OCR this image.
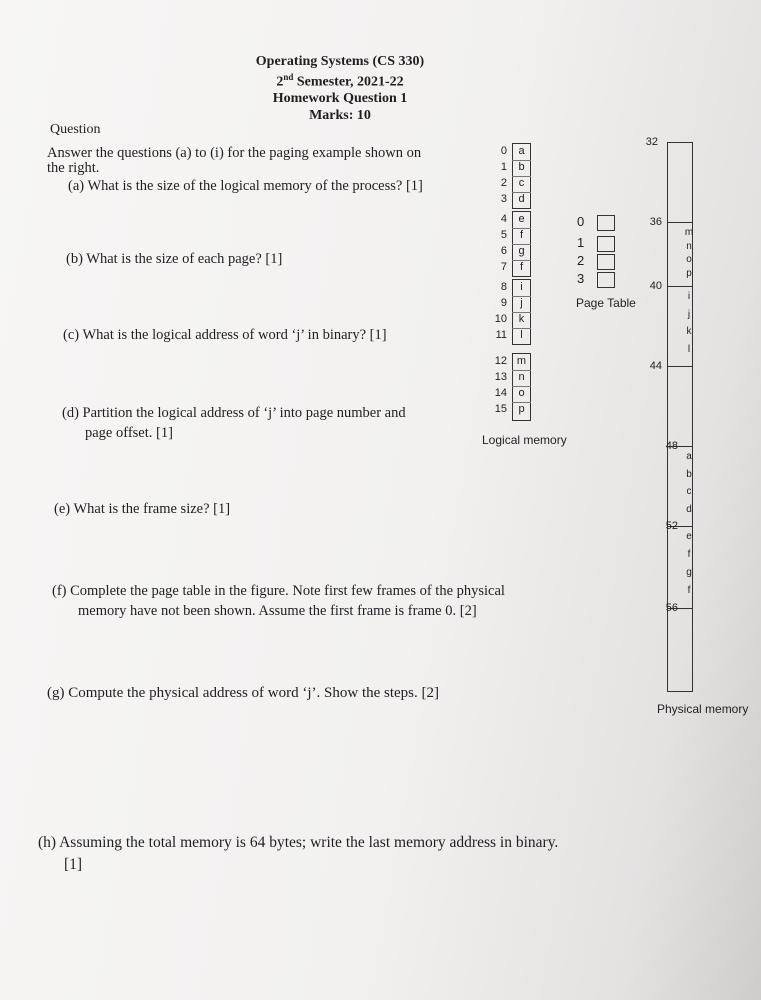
Operating Systems (CS 330)
2nd Semester, 2021-22
Homework Question 1
Marks: 10
Question
Answer the questions (a) to (i) for the paging example shown on
the right.
(a) What is the size of the logical memory of the process? [1]
(b) What is the size of each page? [1]
(c) What is the logical address of word ‘j’ in binary? [1]
(d) Partition the logical address of ‘j’ into page number and
page offset. [1]
(e) What is the frame size? [1]
(f) Complete the page table in the figure. Note first few frames of the physical
memory have not been shown. Assume the first frame is frame 0. [2]
(g) Compute the physical address of word ‘j’. Show the steps. [2]
(h) Assuming the total memory is 64 bytes; write the last memory address in binary.
[1]
Logical memory
Page Table
Physical memory
0	a
1	b
2	c
3	d
4	e
5	f
6	g
7	f
8	i
9	j
10	k
11	l
12 m
13	n
14	o
15	p
0
1
2
3
32
36
m
n
o
p
40
i
j
k
l
44
48
a
b
c
d
52
e
f
g
f
56
